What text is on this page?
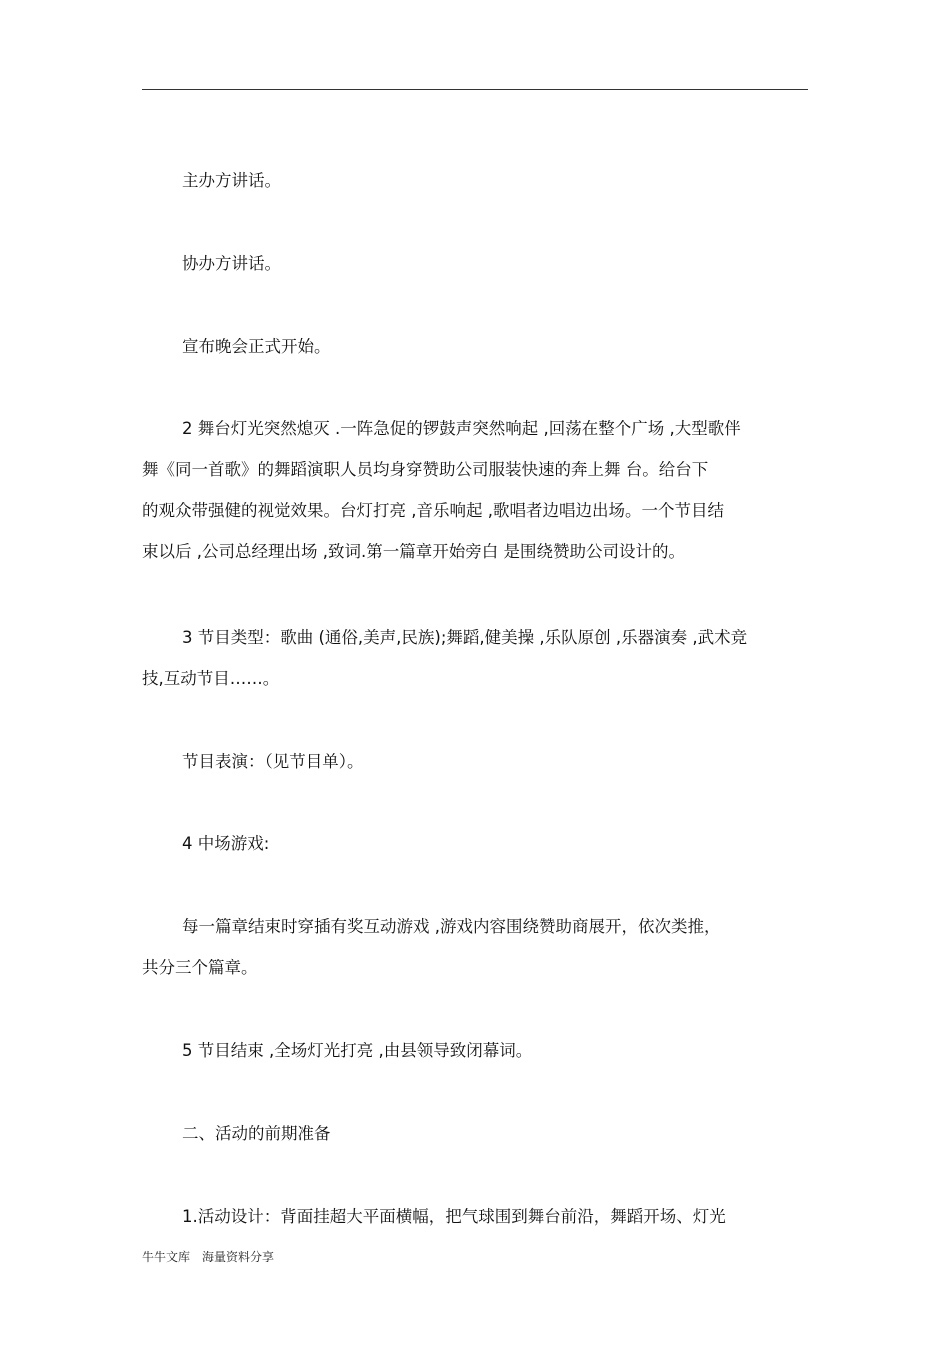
主办方讲话。

协办方讲话。

宣布晚会正式开始。

2 舞台灯光突然熄灭 .一阵急促的锣鼓声突然响起 ,回荡在整个广场 ,大型歌伴
舞《同一首歌》的舞蹈演职人员均身穿赞助公司服装快速的奔上舞 台。给台下
的观众带强健的视觉效果。台灯打亮 ,音乐响起 ,歌唱者边唱边出场。一个节目结
束以后 ,公司总经理出场 ,致词.第一篇章开始旁白 是围绕赞助公司设计的。

3 节目类型：歌曲 (通俗,美声,民族);舞蹈,健美操 ,乐队原创 ,乐器演奏 ,武术竞
技,互动节目……。

节目表演：（见节目单）。

4 中场游戏:

每一篇章结束时穿插有奖互动游戏 ,游戏内容围绕赞助商展开，依次类推，
共分三个篇章。

5 节目结束 ,全场灯光打亮 ,由县领导致闭幕词。

二、活动的前期准备

1.活动设计：背面挂超大平面横幅，把气球围到舞台前沿，舞蹈开场、灯光

牛牛文库 海量资料分享
